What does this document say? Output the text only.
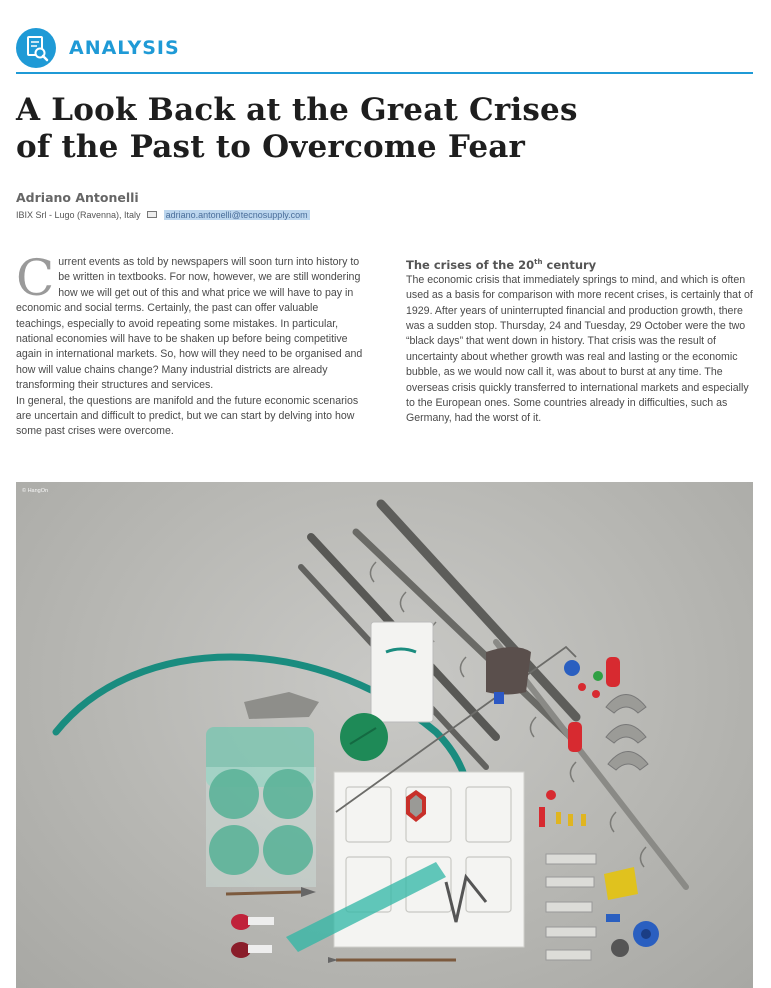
ANALYSIS
A Look Back at the Great Crises
of the Past to Overcome Fear
Adriano Antonelli
IBIX Srl - Lugo (Ravenna), Italy	adriano.antonelli@tecnosupply.com
C urrent events as told by newspapers will soon turn into history to be written in textbooks. For now, however, we are still wondering how we will get out of this and what price we will have to pay in economic and social terms. Certainly, the past can offer valuable teachings, especially to avoid repeating some mistakes. In particular, national economies will have to be shaken up before being competitive again in international markets. So, how will they need to be organised and how will value chains change? Many industrial districts are already transforming their structures and services.
In general, the questions are manifold and the future economic scenarios are uncertain and difficult to predict, but we can start by delving into how some past crises were overcome.
The crises of the 20th century
The economic crisis that immediately springs to mind, and which is often used as a basis for comparison with more recent crises, is certainly that of 1929. After years of uninterrupted financial and production growth, there was a sudden stop. Thursday, 24 and Tuesday, 29 October were the two “black days” that went down in history. That crisis was the result of uncertainty about whether growth was real and lasting or the economic bubble, as we would now call it, was about to burst at any time. The overseas crisis quickly transferred to international markets and especially to the European ones. Some countries already in difficulties, such as Germany, had the worst of it.
© HangOn
